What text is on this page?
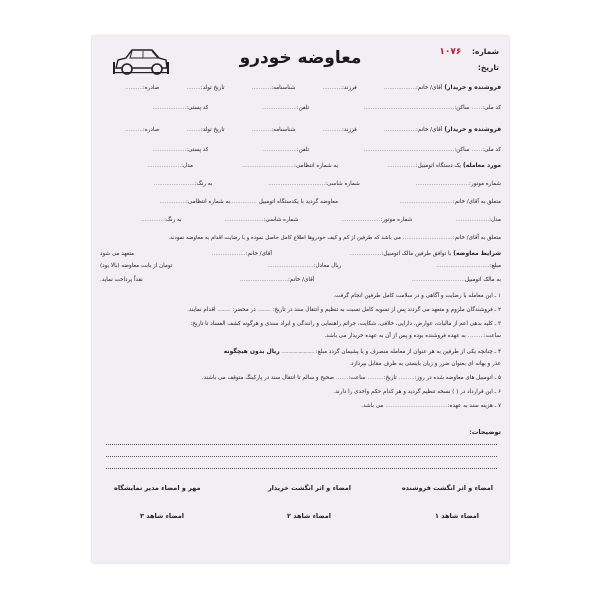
شماره: ۱۰۷۶
تاریخ:
معاوضه خودرو
فروشنده و خریدار)
آقای/ خانم:..................
فرزند:...........
شناسنامه:...........
تاریخ تولد:........
صادره:..........
کد ملی:......
ساکن:...................................................
تلفن:...................
کد پستی:...................
فروشنده و خریدار)
آقای/ خانم:..................
فرزند:...........
شناسنامه:...........
تاریخ تولد:........
صادره:..........
کد ملی:......
ساکن:...................................................
تلفن:...................
کد پستی:...................
مورد معامله)
یک دستگاه اتومبیل:................
به شماره انتظامی:.............................
مدل:...................
شماره موتور:..............................
شماره شاسی:................................
به رنگ:.......................
متعلق به آقای/ خانم:..............................
معاوضه گردید با یکدستگاه اتومبیل
...............به شماره انتظامی:...............
مدل:...................
شماره موتور:......................
شماره شاسی:......................
به رنگ:.............
متعلق به آقای/ خانم:............................
می باشد که طرفین از کم و کیف خودروها اطلاع کامل حاصل نموده و با رضایت اقدام به معاوضه نمودند.
شرایط معاوضه)
با توافق طرفین مالک اتومبیل:..................
آقای/ خانم:...................
متعهد می شود
مبلغ:..............................
ریال معادل:..........................
تومان از بابت معاوضه (بالا بود)
به مالک اتومبیل..............................
آقای/ خانم:...........................
نقداً پرداخت نماید.
۱ ـ این معامله با رضایت و آگاهی و در سلامت کامل طرفین انجام گرفت.
۲ ـ فروشندگان ملزوم و متعهد می گردند پس از تسویه کامل نسبت به تنظیم و انتقال سند در تاریخ:
..........
در محضر:
..........
اقدام نمایند.
۳ ـ کلیه بدهی اعم از مالیات، عوارض، دارایی، خلافی، شکایت، جرائم راهنمایی و رانندگی و ابراد سندی و هرگونه کشف الفساد تا تاریخ:
ساعت:.........
به عهده فروشنده بوده و پس از آن به عهده خریدار می باشد.
۴ ـ چنانچه یکی از طرفین به هر عنوان از معامله منصرف و یا پشیمان گردد مبلغ:
.........................
ریال بدون هیچگونه
عذر و بهانه ای بعنوان ضرر و زیان بایستی به طرف مقابل بپردازد.
۵ ـ اتومبیل های معاوضه شده در روز:.........
تاریخ:.........
ساعت:.......
صحیح و سالم تا انتقال سند در پارکینگ متوقف می باشند.
۶ ـ این قرارداد در ( ) نسخه تنظیم گردید و هر کدام حکم واحدی را دارند.
۷ ـ هزینه سند به عهده:...................................
می باشد.
توضیحات:
امضاء و اثر انگشت فروشنده
امضاء و اثر انگشت خریدار
مهر و امضاء مدیر نمایشگاه
امضاء شاهد ۱
امضاء شاهد ۲
امضاء شاهد ۳
